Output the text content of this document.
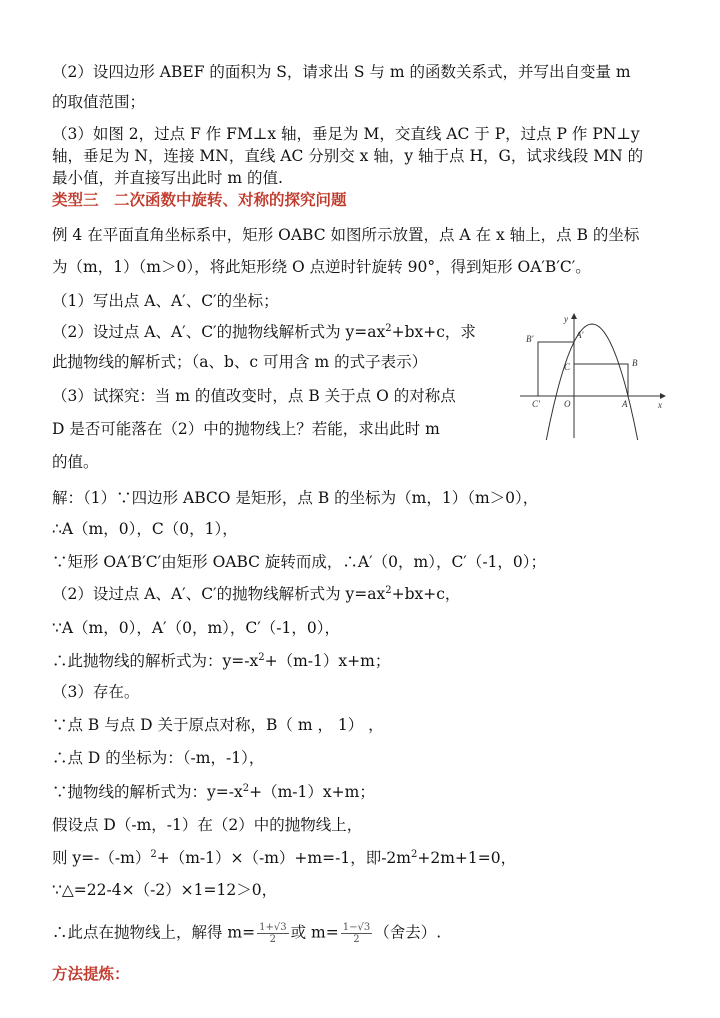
（2）设四边形 ABEF 的面积为 S，请求出 S 与 m 的函数关系式，并写出自变量 m
的取值范围；
（3）如图 2，过点 F 作 FM⊥x 轴，垂足为 M，交直线 AC 于 P，过点 P 作 PN⊥y
轴，垂足为 N，连接 MN，直线 AC 分别交 x 轴，y 轴于点 H，G，试求线段 MN 的
最小值，并直接写出此时 m 的值.
类型三　二次函数中旋转、对称的探究问题
例 4 在平面直角坐标系中，矩形 OABC 如图所示放置，点 A 在 x 轴上，点 B 的坐标
为（m，1）（m＞0），将此矩形绕 O 点逆时针旋转 90°，得到矩形 OA′B′C′。
（1）写出点 A、A′、C′的坐标；
（2）设过点 A、A′、C′的抛物线解析式为 $y=ax^2+bx+c$，求
此抛物线的解析式；（a、b、c 可用含 m 的式子表示）
（3）试探究：当 m 的值改变时，点 B 关于点 O 的对称点
D 是否可能落在（2）中的抛物线上？若能，求出此时 m
的值。
y
x
A′
B′
B
C
C′	O	A
解：（1）∵四边形 ABCO 是矩形，点 B 的坐标为（m，1）（m＞0），
∴A（m，0），C（0，1），
∵矩形 OA′B′C′由矩形 OABC 旋转而成，∴A′（0，m），C′（-1，0）；
（2）设过点 A、A′、C′的抛物线解析式为 $y=ax^2+bx+c$，
∵A（m，0），A′（0，m），C′（-1，0），
∴此抛物线的解析式为：$y=-x^2+(m-1)x+m$；
（3）存在。
∵点 B 与点 D 关于原点对称，B（ m ， 1） ，
∴点 D 的坐标为：（-m，-1），
∵抛物线的解析式为：$y=-x^2+(m-1)x+m$；
假设点 D（-m，-1）在（2）中的抛物线上，
则 $y=-(-m)^2+(m-1)\times(-m)+m=-1$，即$-2m^2+2m+1=0$，
∵△=22-4×（-2）×1=12＞0，
∴此点在抛物线上，解得 $m= \frac{1+√3}{2}$ 或 $m= \frac{1-√3}{2}$ （舍去）.
方法提炼：
